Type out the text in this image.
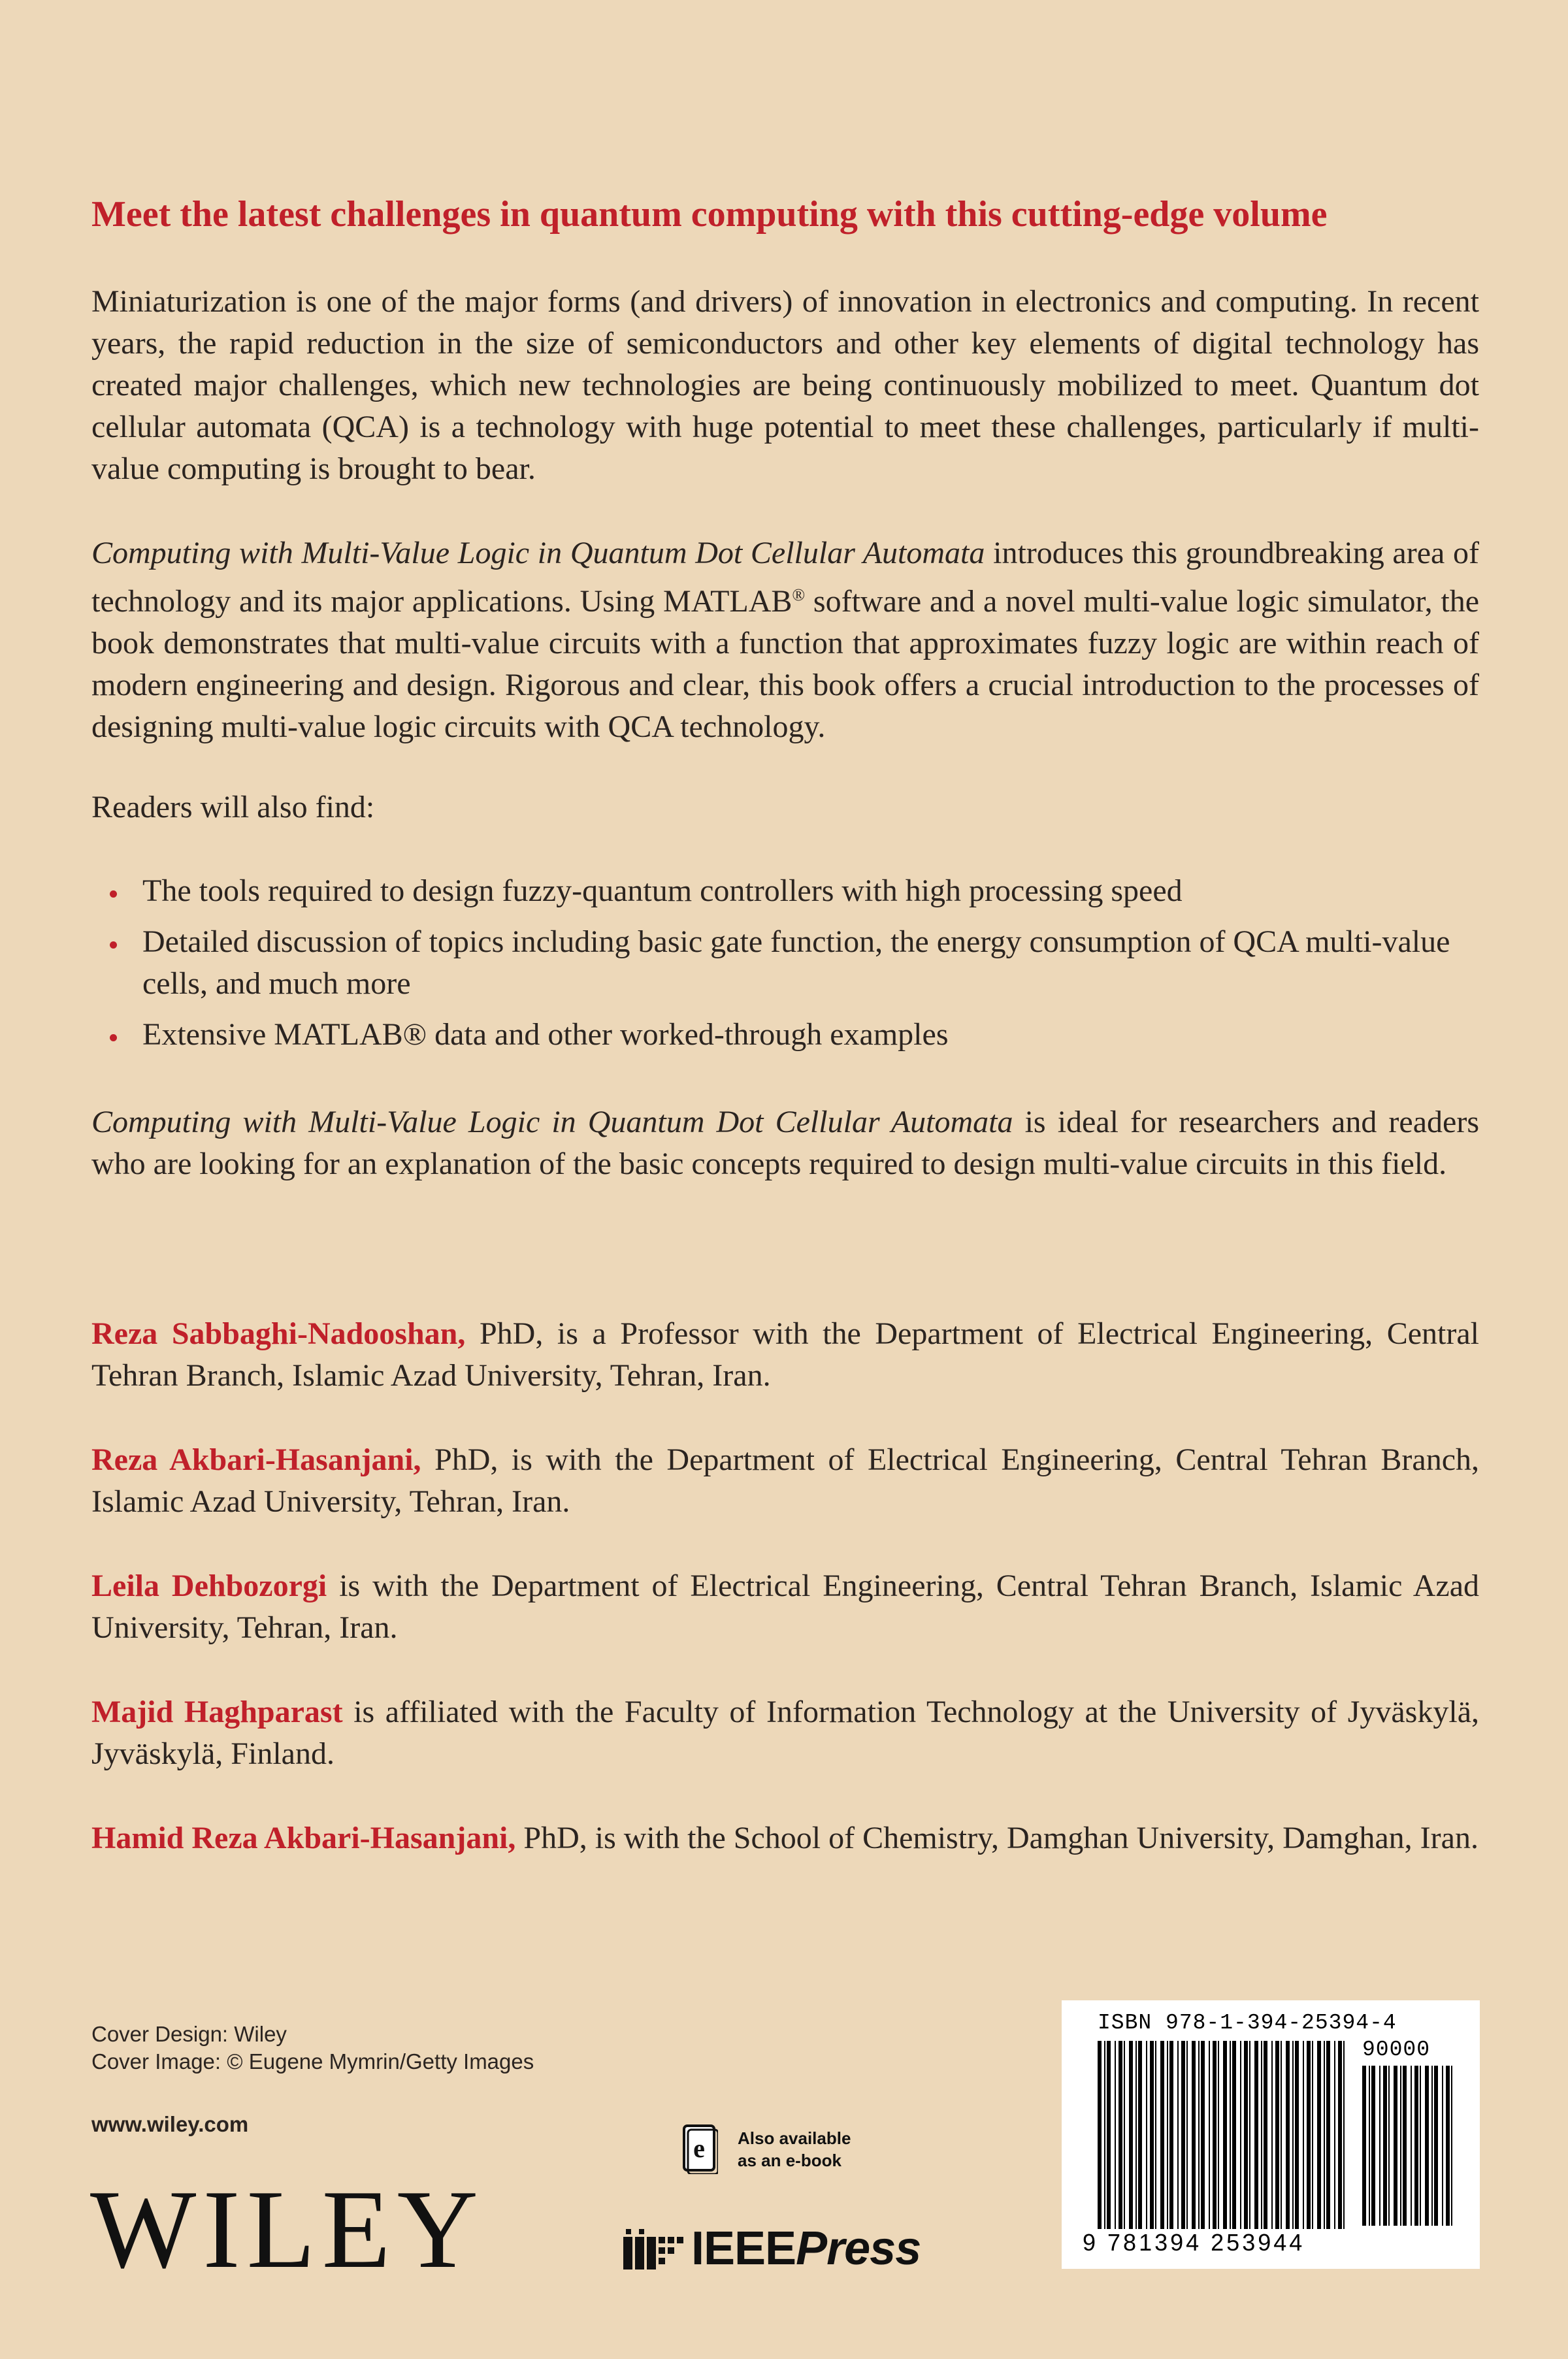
Meet the latest challenges in quantum computing with this cutting-edge volume
Miniaturization is one of the major forms (and drivers) of innovation in electronics and computing. In recent years, the rapid reduction in the size of semiconductors and other key elements of digital technology has created major challenges, which new technologies are being continuously mobilized to meet. Quantum dot cellular automata (QCA) is a technology with huge potential to meet these challenges, particularly if multi-value computing is brought to bear.
Computing with Multi-Value Logic in Quantum Dot Cellular Automata introduces this groundbreaking area of technology and its major applications. Using MATLAB® software and a novel multi-value logic simulator, the book demonstrates that multi-value circuits with a function that approximates fuzzy logic are within reach of modern engineering and design. Rigorous and clear, this book offers a crucial introduction to the processes of designing multi-value logic circuits with QCA technology.
Readers will also find:
The tools required to design fuzzy-quantum controllers with high processing speed
Detailed discussion of topics including basic gate function, the energy consumption of QCA multi-value cells, and much more
Extensive MATLAB® data and other worked-through examples
Computing with Multi-Value Logic in Quantum Dot Cellular Automata is ideal for researchers and readers who are looking for an explanation of the basic concepts required to design multi-value circuits in this field.
Reza Sabbaghi-Nadooshan, PhD, is a Professor with the Department of Electrical Engineering, Central Tehran Branch, Islamic Azad University, Tehran, Iran.
Reza Akbari-Hasanjani, PhD, is with the Department of Electrical Engineering, Central Tehran Branch, Islamic Azad University, Tehran, Iran.
Leila Dehbozorgi is with the Department of Electrical Engineering, Central Tehran Branch, Islamic Azad University, Tehran, Iran.
Majid Haghparast is affiliated with the Faculty of Information Technology at the University of Jyväskylä, Jyväskylä, Finland.
Hamid Reza Akbari-Hasanjani, PhD, is with the School of Chemistry, Damghan University, Damghan, Iran.
Cover Design: Wiley
Cover Image: © Eugene Mymrin/Getty Images
www.wiley.com
WILEY
e Also available
as an e-book
IEEEPress
ISBN 978-1-394-25394-4
90000
9 781394 253944
